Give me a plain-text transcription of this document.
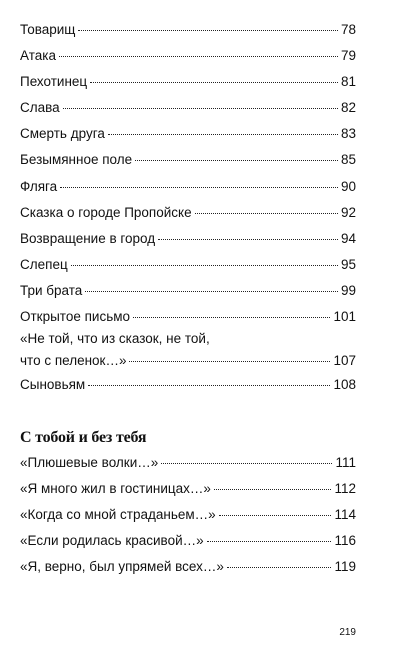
Товарищ	78
Атака	79
Пехотинец	81
Слава	82
Смерть друга	83
Безымянное поле	85
Фляга	90
Сказка о городе Пропойске	92
Возвращение в город	94
Слепец	95
Три брата	99
Открытое письмо	101
«Не той, что из сказок, не той,
что с пеленок…»	107
Сыновьям	108
«Плюшевые волки…»	111
«Я много жил в гостиницах…»	112
«Когда со мной страданьем…»	114
«Если родилась красивой…»	116
«Я, верно, был упрямей всех…»	119
С тобой и без тебя
219
